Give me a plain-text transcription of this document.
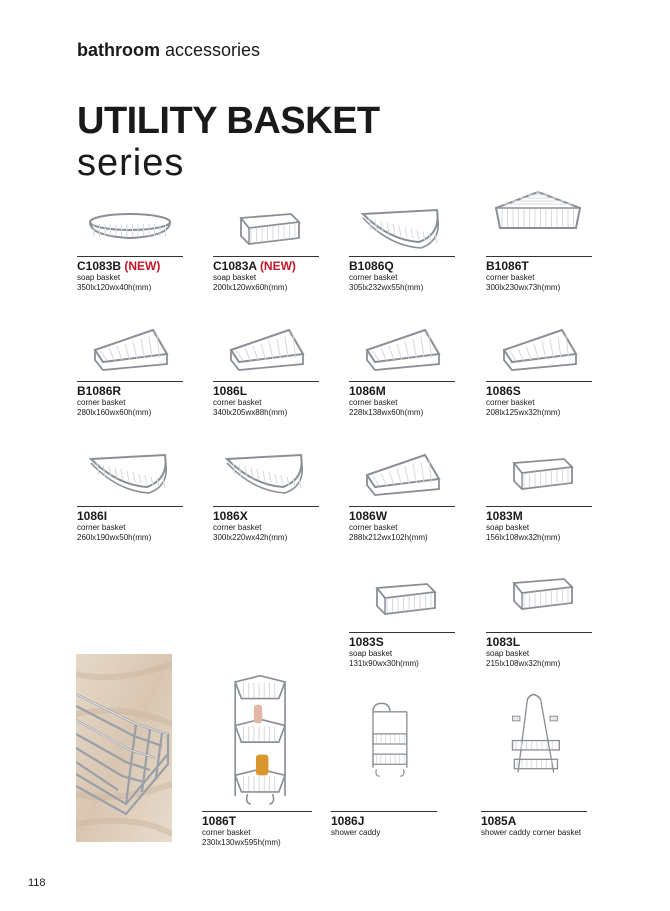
bathroom accessories
UTILITY BASKET
series
C1083B (NEW)
soap basket
350lx120wx40h(mm)
C1083A (NEW)
soap basket
200lx120wx60h(mm)
B1086Q
corner basket
305lx232wx55h(mm)
B1086T
corner basket
300lx230wx73h(mm)
B1086R
corner basket
280lx160wx60h(mm)
1086L
corner basket
340lx205wx88h(mm)
1086M
corner basket
228lx138wx60h(mm)
1086S
corner basket
208lx125wx32h(mm)
1086I
corner basket
260lx190wx50h(mm)
1086X
corner basket
300lx220wx42h(mm)
1086W
corner basket
288lx212wx102h(mm)
1083M
soap basket
156lx108wx32h(mm)
1083S
soap basket
131lx90wx30h(mm)
1083L
soap basket
215lx108wx32h(mm)
1086T
corner basket
230lx130wx595h(mm)
1086J
shower caddy
1085A
shower caddy corner basket
118
